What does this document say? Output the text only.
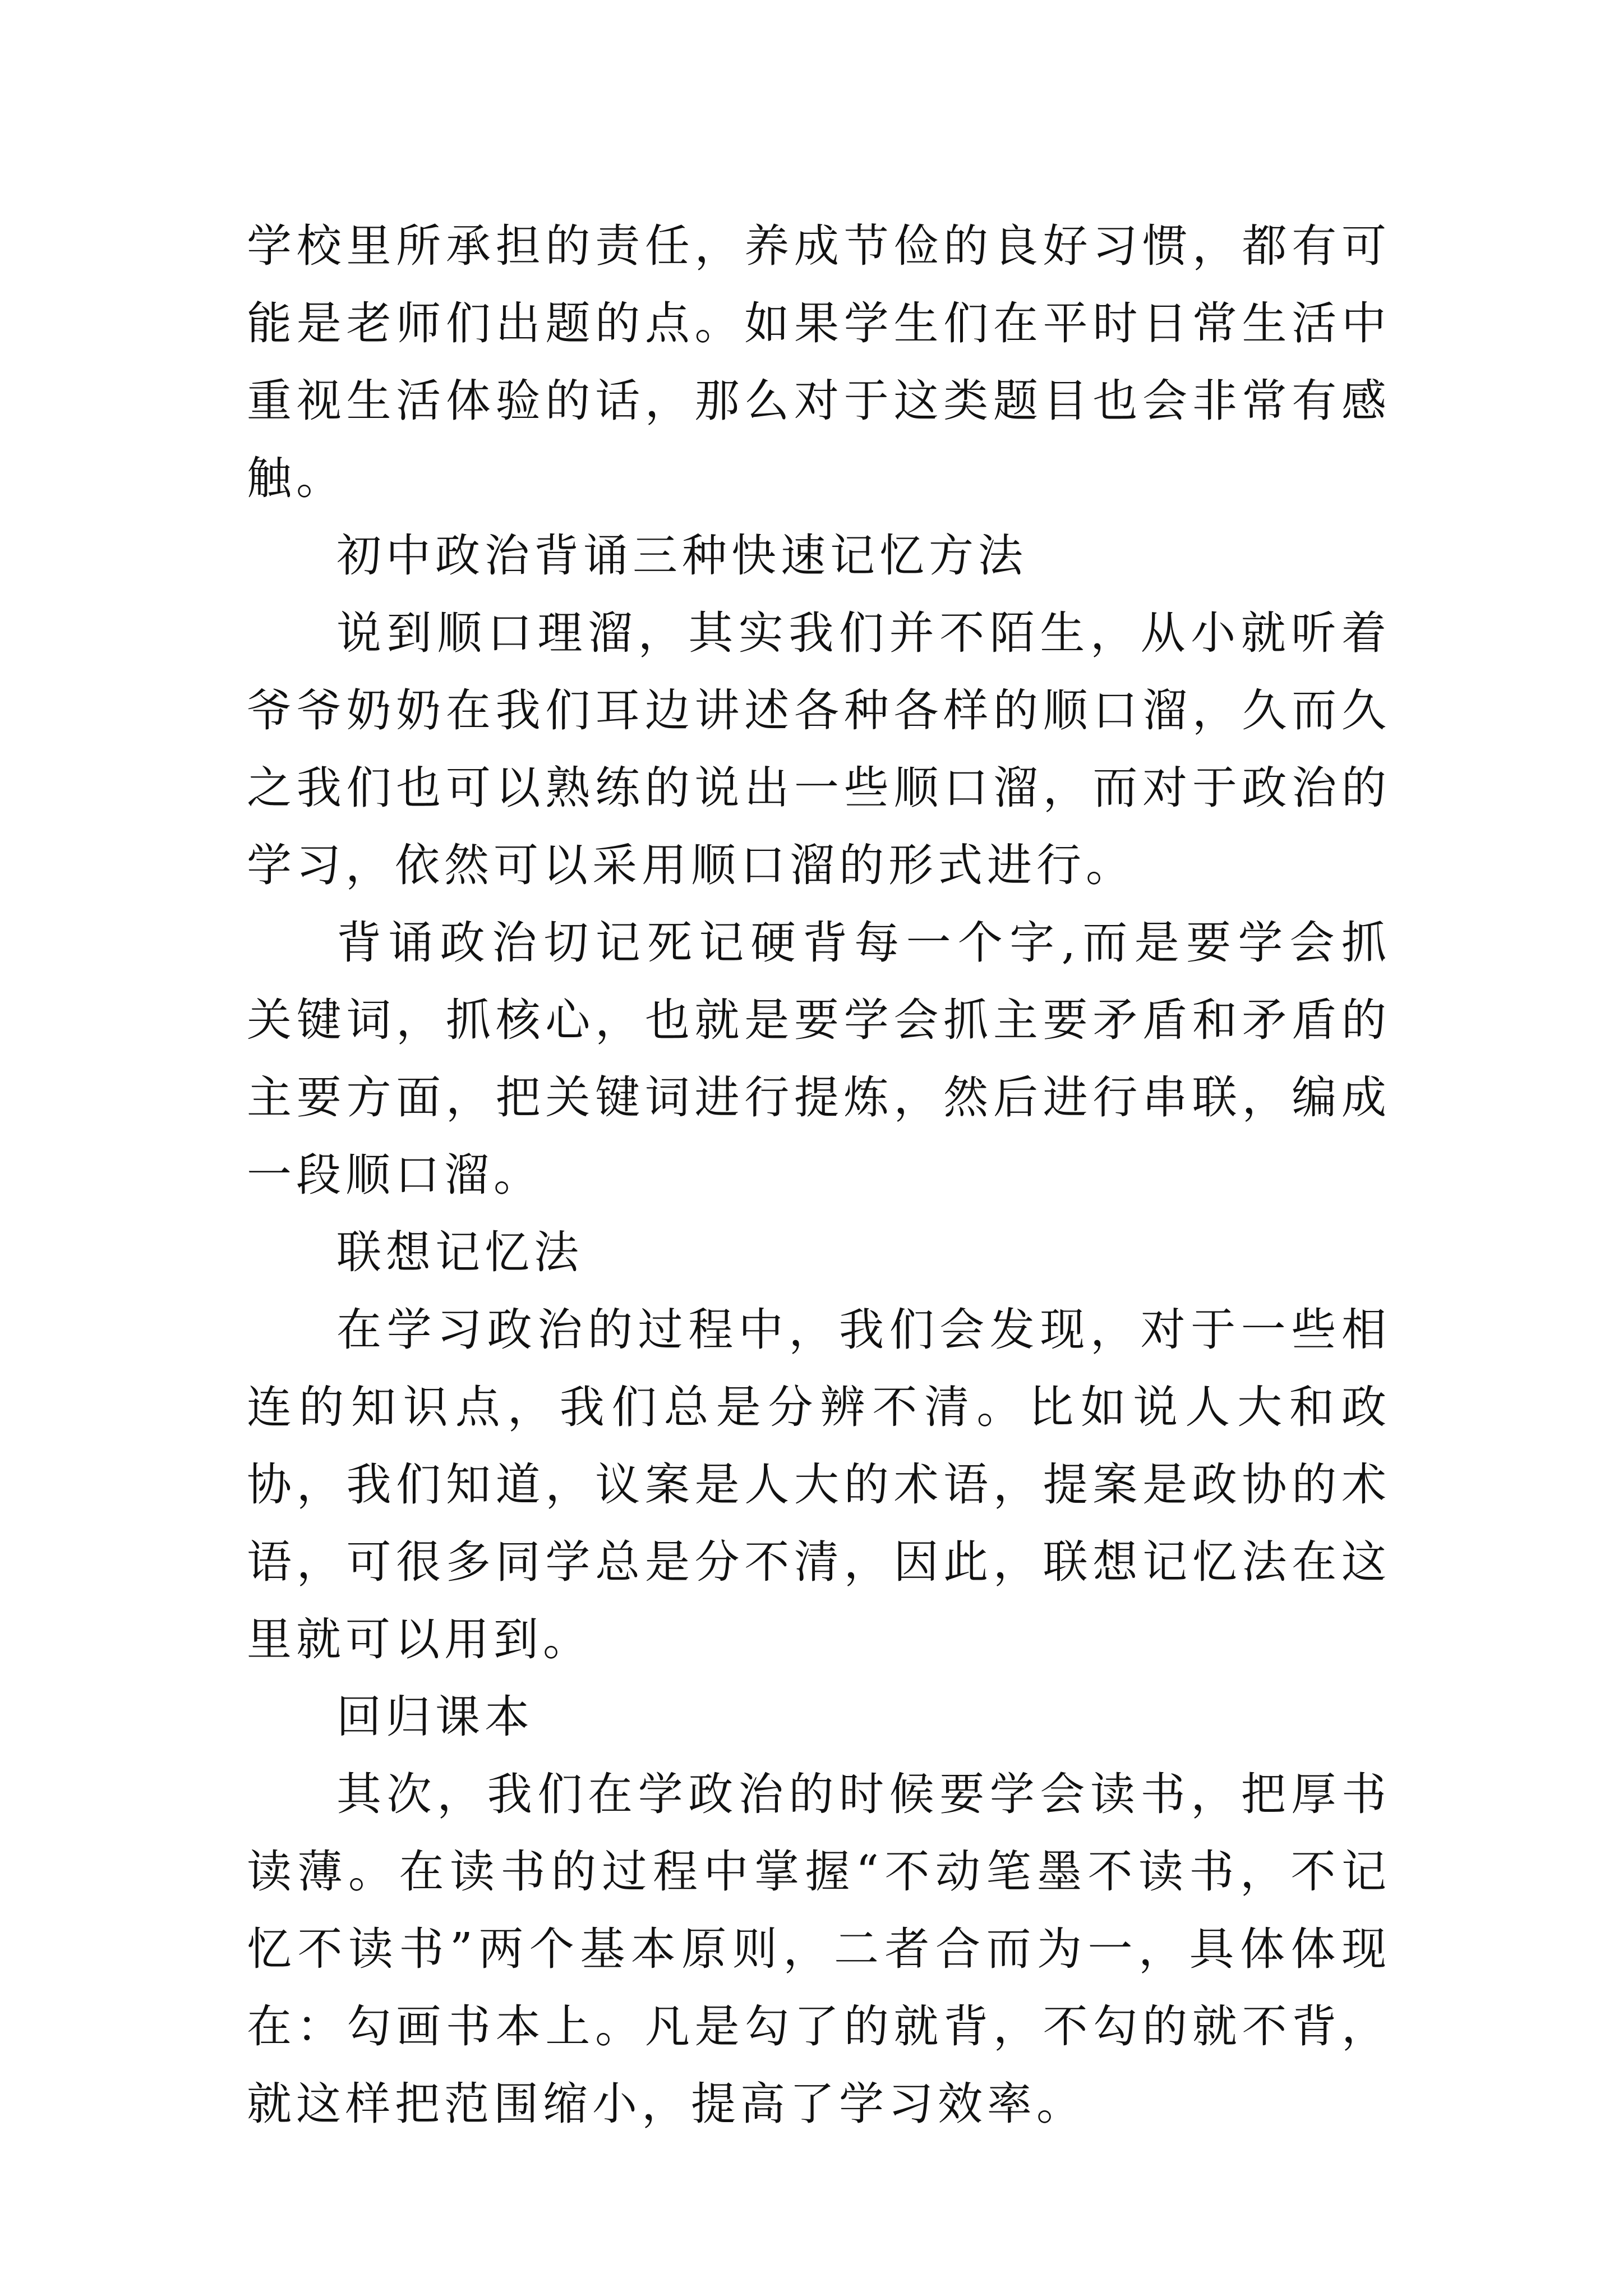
学校里所承担的责任，养成节俭的良好习惯，都有可能是老师们出题的点。如果学生们在平时日常生活中重视生活体验的话，那么对于这类题目也会非常有感触。

初中政治背诵三种快速记忆方法

说到顺口理溜，其实我们并不陌生，从小就听着爷爷奶奶在我们耳边讲述各种各样的顺口溜，久而久之我们也可以熟练的说出一些顺口溜，而对于政治的学习，依然可以采用顺口溜的形式进行。

背诵政治切记死记硬背每一个字,而是要学会抓关键词，抓核心，也就是要学会抓主要矛盾和矛盾的主要方面，把关键词进行提炼，然后进行串联，编成一段顺口溜。

联想记忆法

在学习政治的过程中，我们会发现，对于一些相连的知识点，我们总是分辨不清。比如说人大和政协，我们知道，议案是人大的术语，提案是政协的术语，可很多同学总是分不清，因此，联想记忆法在这里就可以用到。

回归课本

其次，我们在学政治的时候要学会读书，把厚书读薄。在读书的过程中掌握“不动笔墨不读书，不记忆不读书”两个基本原则，二者合而为一，具体体现在：勾画书本上。凡是勾了的就背，不勾的就不背，就这样把范围缩小，提高了学习效率。
